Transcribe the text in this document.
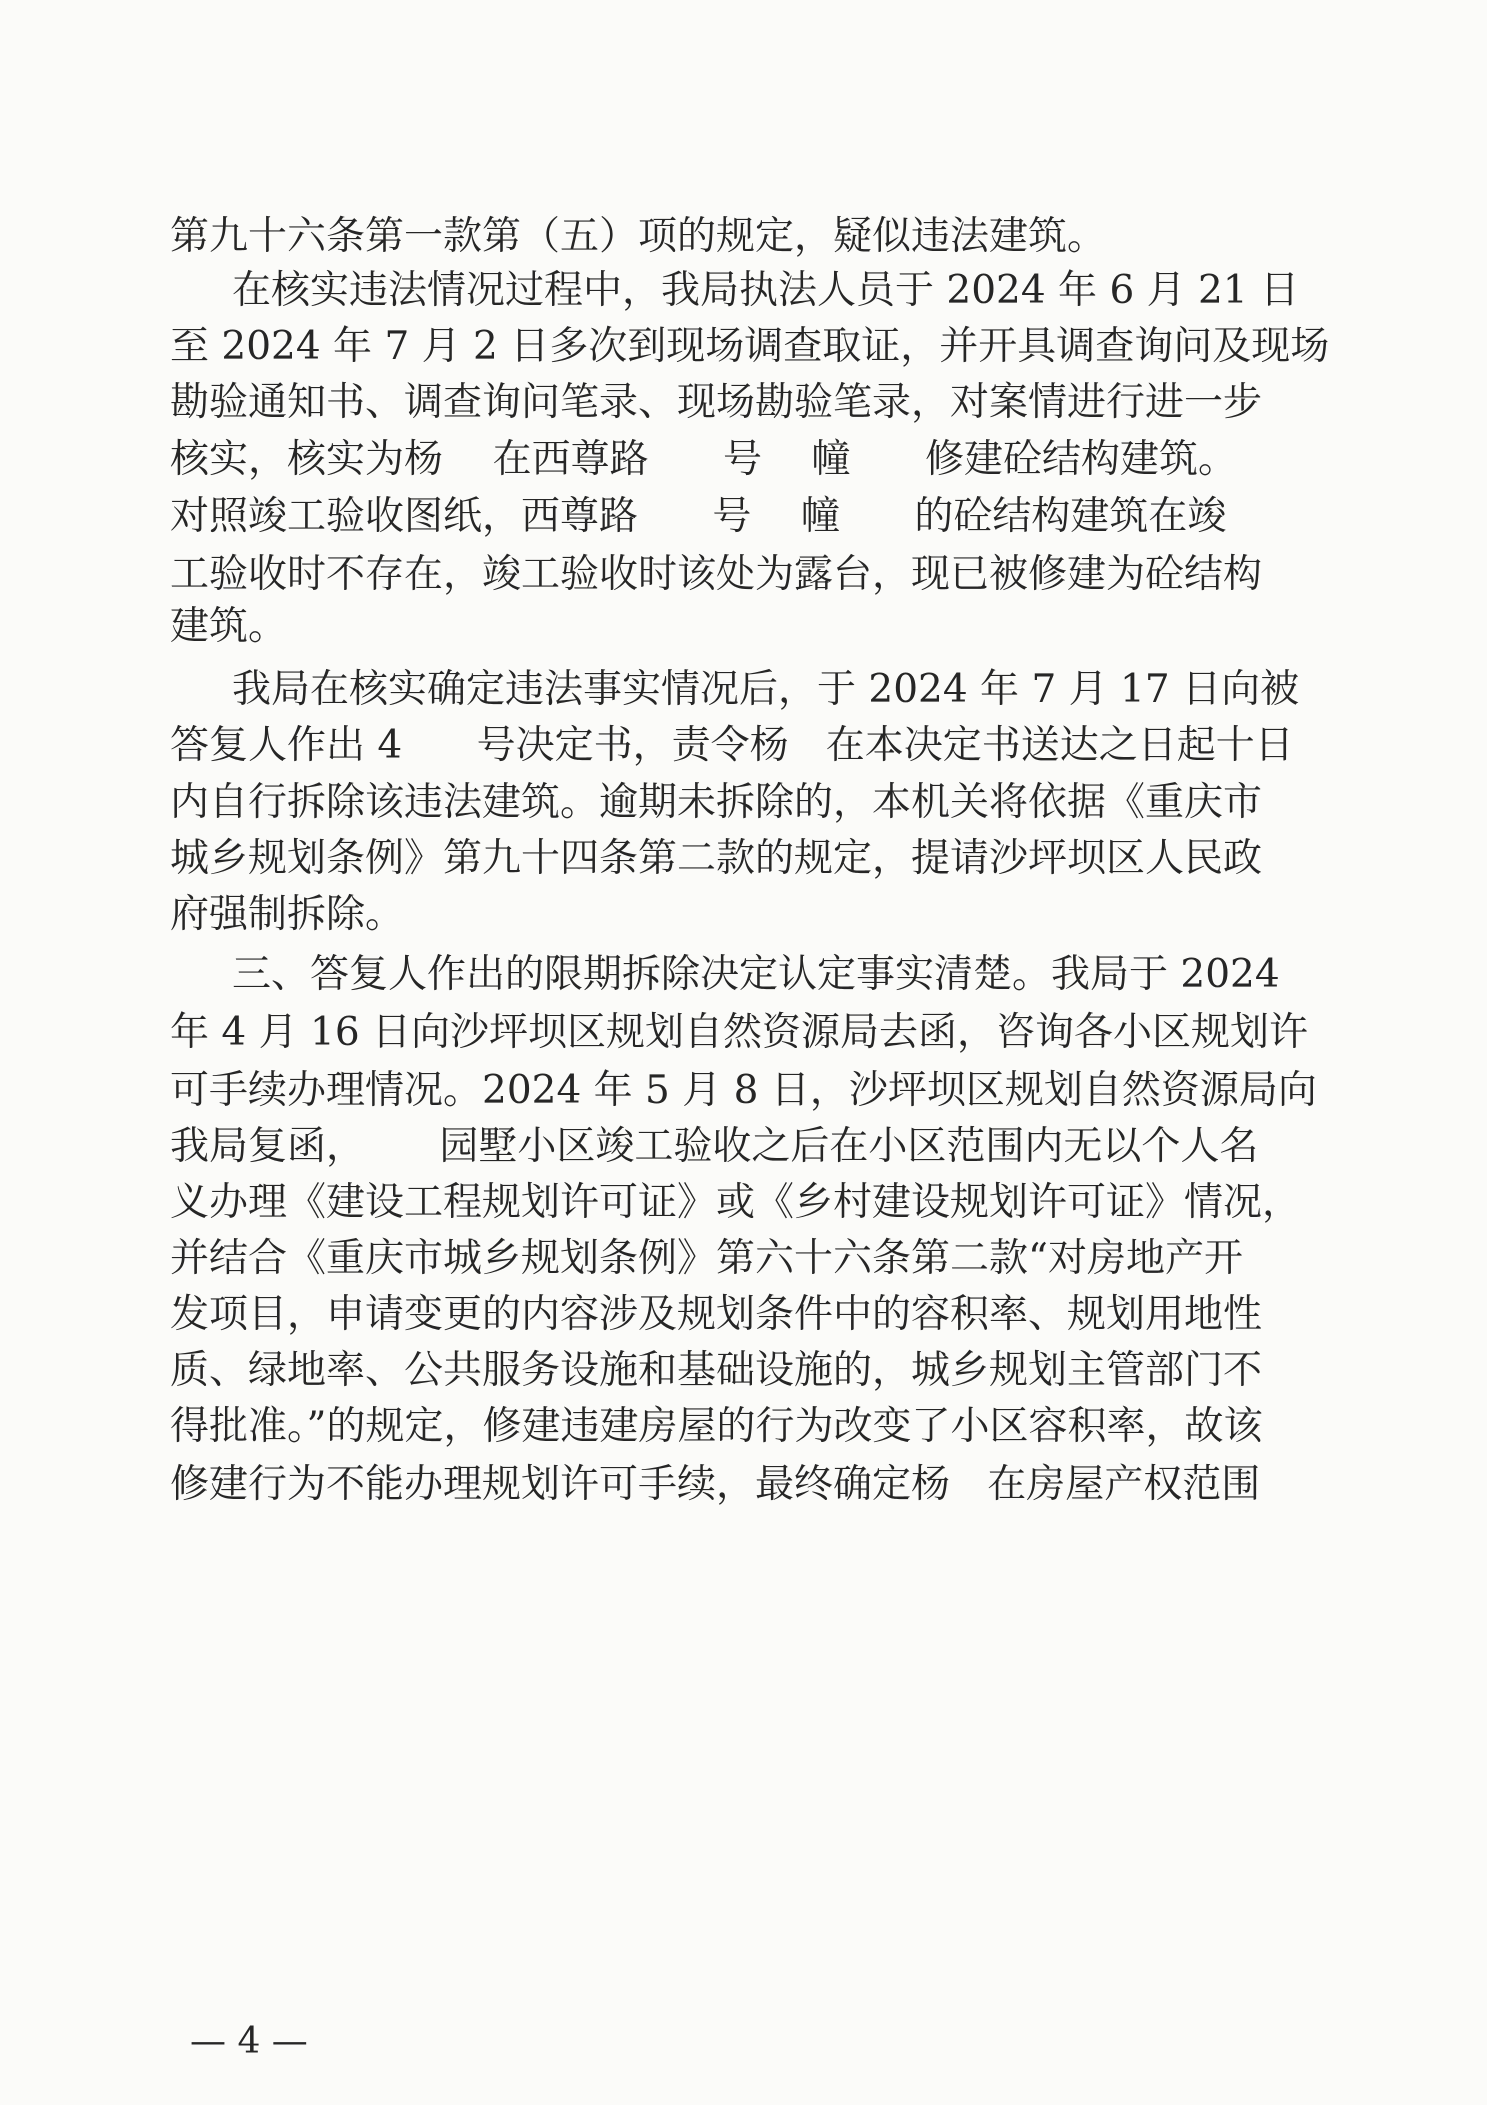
第九十六条第一款第（五）项的规定，疑似违法建筑。
在核实违法情况过程中，我局执法人员于 2024 年 6 月 21 日
至 2024 年 7 月 2 日多次到现场调查取证，并开具调查询问及现场
勘验通知书、调查询问笔录、现场勘验笔录，对案情进行进一步
核实，核实为杨    在西尊路      号    幢      修建砼结构建筑。
对照竣工验收图纸，西尊路      号    幢      的砼结构建筑在竣
工验收时不存在，竣工验收时该处为露台，现已被修建为砼结构
建筑。
我局在核实确定违法事实情况后，于 2024 年 7 月 17 日向被
答复人作出 4      号决定书，责令杨   在本决定书送达之日起十日
内自行拆除该违法建筑。逾期未拆除的，本机关将依据《重庆市
城乡规划条例》第九十四条第二款的规定，提请沙坪坝区人民政
府强制拆除。
三、答复人作出的限期拆除决定认定事实清楚。我局于 2024
年 4 月 16 日向沙坪坝区规划自然资源局去函，咨询各小区规划许
可手续办理情况。2024 年 5 月 8 日，沙坪坝区规划自然资源局向
我局复函，      园墅小区竣工验收之后在小区范围内无以个人名
义办理《建设工程规划许可证》或《乡村建设规划许可证》情况，
并结合《重庆市城乡规划条例》第六十六条第二款“对房地产开
发项目，申请变更的内容涉及规划条件中的容积率、规划用地性
质、绿地率、公共服务设施和基础设施的，城乡规划主管部门不
得批准。”的规定，修建违建房屋的行为改变了小区容积率，故该
修建行为不能办理规划许可手续，最终确定杨   在房屋产权范围
— 4 —
